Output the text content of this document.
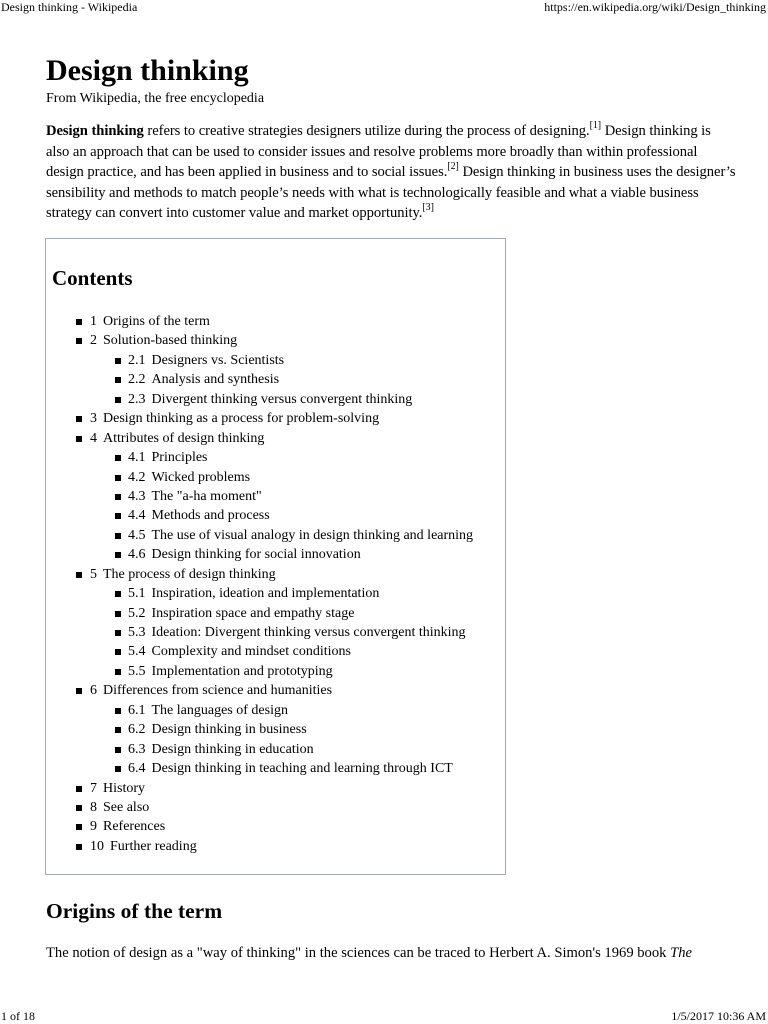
Design thinking - Wikipedia	https://en.wikipedia.org/wiki/Design_thinking
Design thinking
From Wikipedia, the free encyclopedia

Design thinking refers to creative strategies designers utilize during the process of designing.[1] Design thinking is also an approach that can be used to consider issues and resolve problems more broadly than within professional design practice, and has been applied in business and to social issues.[2] Design thinking in business uses the designer’s sensibility and methods to match people’s needs with what is technologically feasible and what a viable business strategy can convert into customer value and market opportunity.[3]

Contents
1 Origins of the term
2 Solution-based thinking
2.1 Designers vs. Scientists
2.2 Analysis and synthesis
2.3 Divergent thinking versus convergent thinking
3 Design thinking as a process for problem-solving
4 Attributes of design thinking
4.1 Principles
4.2 Wicked problems
4.3 The "a-ha moment"
4.4 Methods and process
4.5 The use of visual analogy in design thinking and learning
4.6 Design thinking for social innovation
5 The process of design thinking
5.1 Inspiration, ideation and implementation
5.2 Inspiration space and empathy stage
5.3 Ideation: Divergent thinking versus convergent thinking
5.4 Complexity and mindset conditions
5.5 Implementation and prototyping
6 Differences from science and humanities
6.1 The languages of design
6.2 Design thinking in business
6.3 Design thinking in education
6.4 Design thinking in teaching and learning through ICT
7 History
8 See also
9 References
10 Further reading
Origins of the term

The notion of design as a "way of thinking" in the sciences can be traced to Herbert A. Simon's 1969 book The

1 of 18	1/5/2017 10:36 AM
